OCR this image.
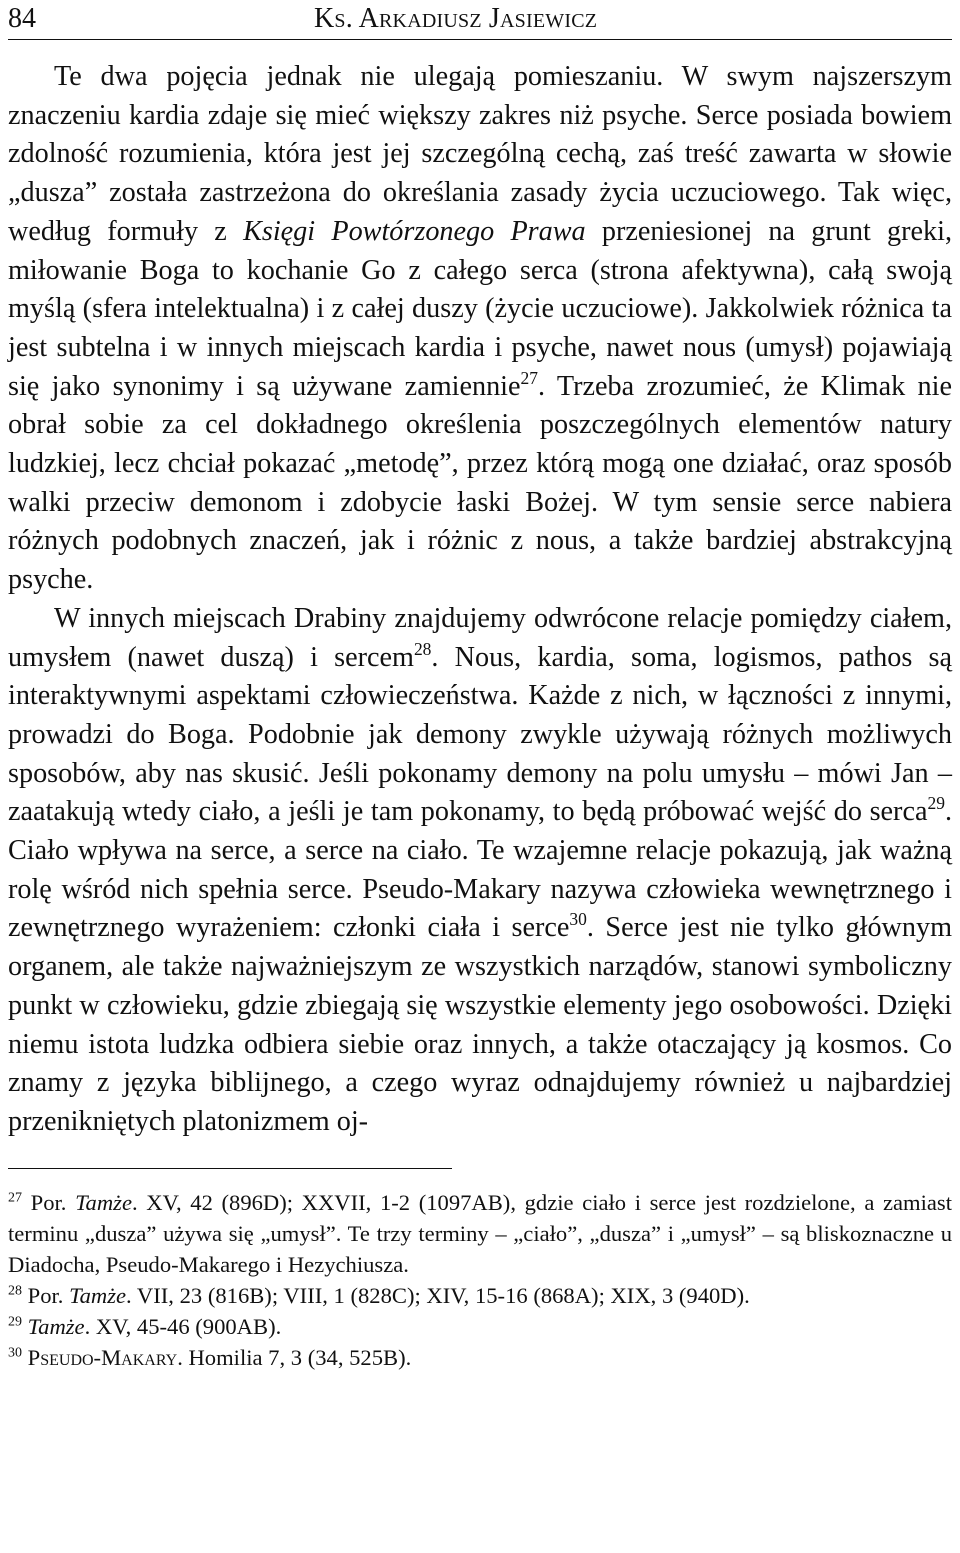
84	Ks. Arkadiusz Jasiewicz

Te dwa pojęcia jednak nie ulegają pomieszaniu. W swym najszerszym znaczeniu kardia zdaje się mieć większy zakres niż psyche. Serce posiada bowiem zdolność rozumienia, która jest jej szczególną cechą, zaś treść zawarta w słowie „dusza” została zastrzeżona do określania zasady życia uczuciowego. Tak więc, według formuły z Księgi Powtórzonego Prawa przeniesionej na grunt greki, miłowanie Boga to kochanie Go z całego serca (strona afektywna), całą swoją myślą (sfera intelektualna) i z całej duszy (życie uczuciowe). Jakkolwiek różnica ta jest subtelna i w innych miejscach kardia i psyche, nawet nous (umysł) pojawiają się jako synonimy i są używane zamiennie$^{27}$. Trzeba zrozumieć, że Klimak nie obrał sobie za cel dokładnego określenia poszczególnych elementów natury ludzkiej, lecz chciał pokazać „metodę”, przez którą mogą one działać, oraz sposób walki przeciw demonom i zdobycie łaski Bożej. W tym sensie serce nabiera różnych podobnych znaczeń, jak i różnic z nous, a także bardziej abstrakcyjną psyche.

W innych miejscach Drabiny znajdujemy odwrócone relacje pomiędzy ciałem, umysłem (nawet duszą) i sercem$^{28}$. Nous, kardia, soma, logismos, pathos są interaktywnymi aspektami człowieczeństwa. Każde z nich, w łączności z innymi, prowadzi do Boga. Podobnie jak demony zwykle używają różnych możliwych sposobów, aby nas skusić. Jeśli pokonamy demony na polu umysłu – mówi Jan – zaatakują wtedy ciało, a jeśli je tam pokonamy, to będą próbować wejść do serca$^{29}$. Ciało wpływa na serce, a serce na ciało. Te wzajemne relacje pokazują, jak ważną rolę wśród nich spełnia serce. Pseudo-Makary nazywa człowieka wewnętrznego i zewnętrznego wyrażeniem: członki ciała i serce$^{30}$. Serce jest nie tylko głównym organem, ale także najważniejszym ze wszystkich narządów, stanowi symboliczny punkt w człowieku, gdzie zbiegają się wszystkie elementy jego osobowości. Dzięki niemu istota ludzka odbiera siebie oraz innych, a także otaczający ją kosmos. Co znamy z języka biblijnego, a czego wyraz odnajdujemy również u najbardziej przenikniętych platonizmem oj-

$^{27}$ Por. Tamże. XV, 42 (896D); XXVII, 1-2 (1097AB), gdzie ciało i serce jest rozdzielone, a zamiast terminu „dusza” używa się „umysł”. Te trzy terminy – „ciało”, „dusza” i „umysł” – są bliskoznaczne u Diadocha, Pseudo-Makarego i Hezychiusza.

$^{28}$ Por. Tamże. VII, 23 (816B); VIII, 1 (828C); XIV, 15-16 (868A); XIX, 3 (940D).

$^{29}$ Tamże. XV, 45-46 (900AB).

$^{30}$ Pseudo-Makary. Homilia 7, 3 (34, 525B).
